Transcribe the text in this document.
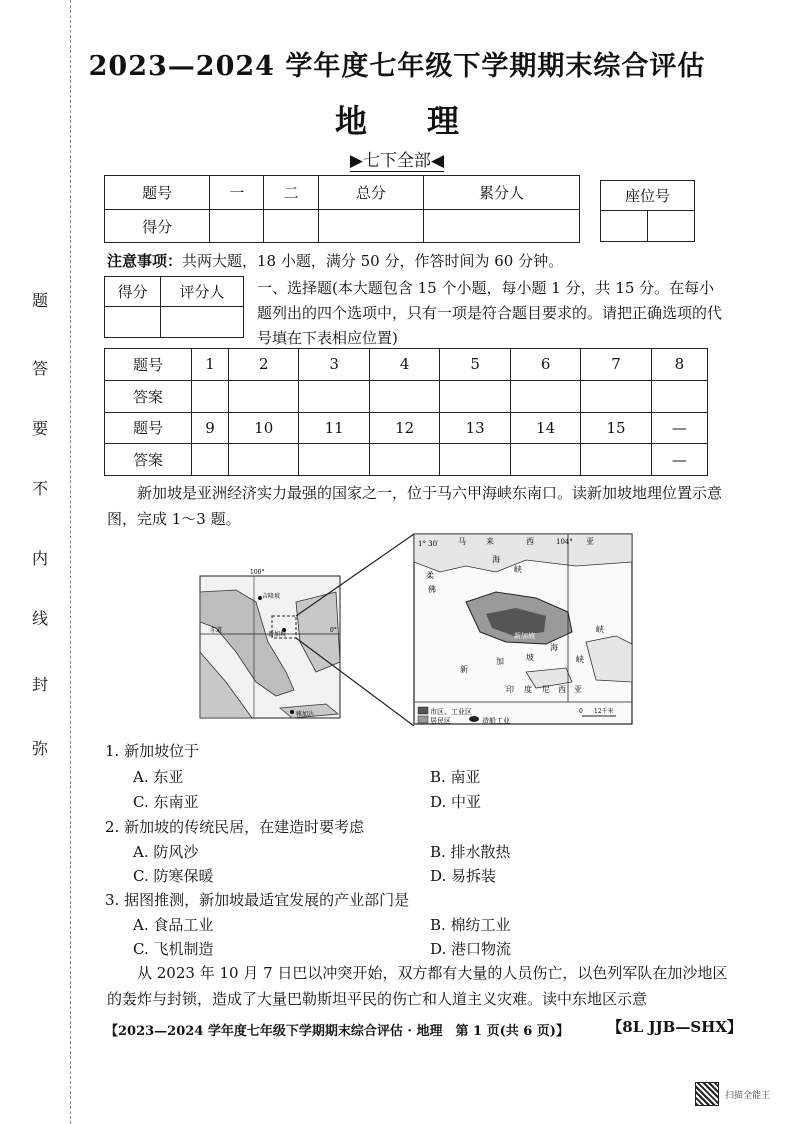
题
答
要
不
内
线
封
弥
2023—2024 学年度七年级下学期期末综合评估
地理
▶七下全部◀
题号	一	二	总分	累分人
得分				
座位号

注意事项：共两大题，18 小题，满分 50 分，作答时间为 60 分钟。
得分	评分人
	一、选择题(本大题包含 15 个小题，每小题 1 分，共 15 分。在每小题列出的四个选项中，只有一项是符合题目要求的。请把正确选项的代号填在下表相应位置)
题号	1	2	3	4	5	6	7	8
答案								
题号	9	10	11	12	13	14	15	—
答案								—
新加坡是亚洲经济实力最强的国家之一，位于马六甲海峡东南口。读新加坡地理位置示意图，完成 1～3 题。
100°
吉隆坡
新加坡
雅加达
赤道	0°
1° 30′ 马	来	西	亚
104°
柔
佛
海
峡
新加坡
新
加	坡
海
峡
印 度 尼 西 亚
峡
市区、工业区
居民区	造船工业
0 12千米
1. 新加坡位于
A. 东亚	B. 南亚
C. 东南亚	D. 中亚
2. 新加坡的传统民居，在建造时要考虑
A. 防风沙	B. 排水散热
C. 防寒保暖	D. 易拆装
3. 据图推测，新加坡最适宜发展的产业部门是
A. 食品工业	B. 棉纺工业
C. 飞机制造	D. 港口物流
从 2023 年 10 月 7 日巴以冲突开始，双方都有大量的人员伤亡，以色列军队在加沙地区的轰炸与封锁，造成了大量巴勒斯坦平民的伤亡和人道主义灾难。读中东地区示意
【2023—2024 学年度七年级下学期期末综合评估 · 地理　第 1 页(共 6 页)】	【8L JJB—SHX】
扫描全能王
